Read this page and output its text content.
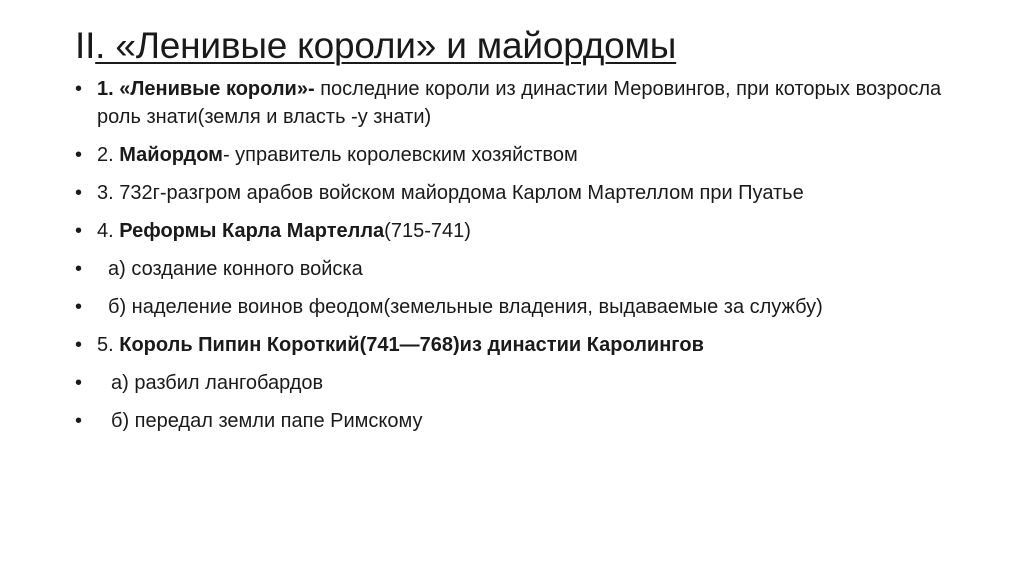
II. «Ленивые короли» и майордомы
• 1. «Ленивые короли»- последние короли из династии Меровингов, при которых возросла роль знати(земля и власть -у знати)
• 2. Майордом- управитель королевским хозяйством
• 3. 732г-разгром арабов войском майордома Карлом Мартеллом при Пуатье
• 4. Реформы Карла Мартелла(715-741)
•	а) создание конного войска
•	б) наделение воинов феодом(земельные владения, выдаваемые за службу)
• 5. Король Пипин Короткий(741—768)из династии Каролингов
•	а) разбил лангобардов
•	б) передал земли папе Римскому
